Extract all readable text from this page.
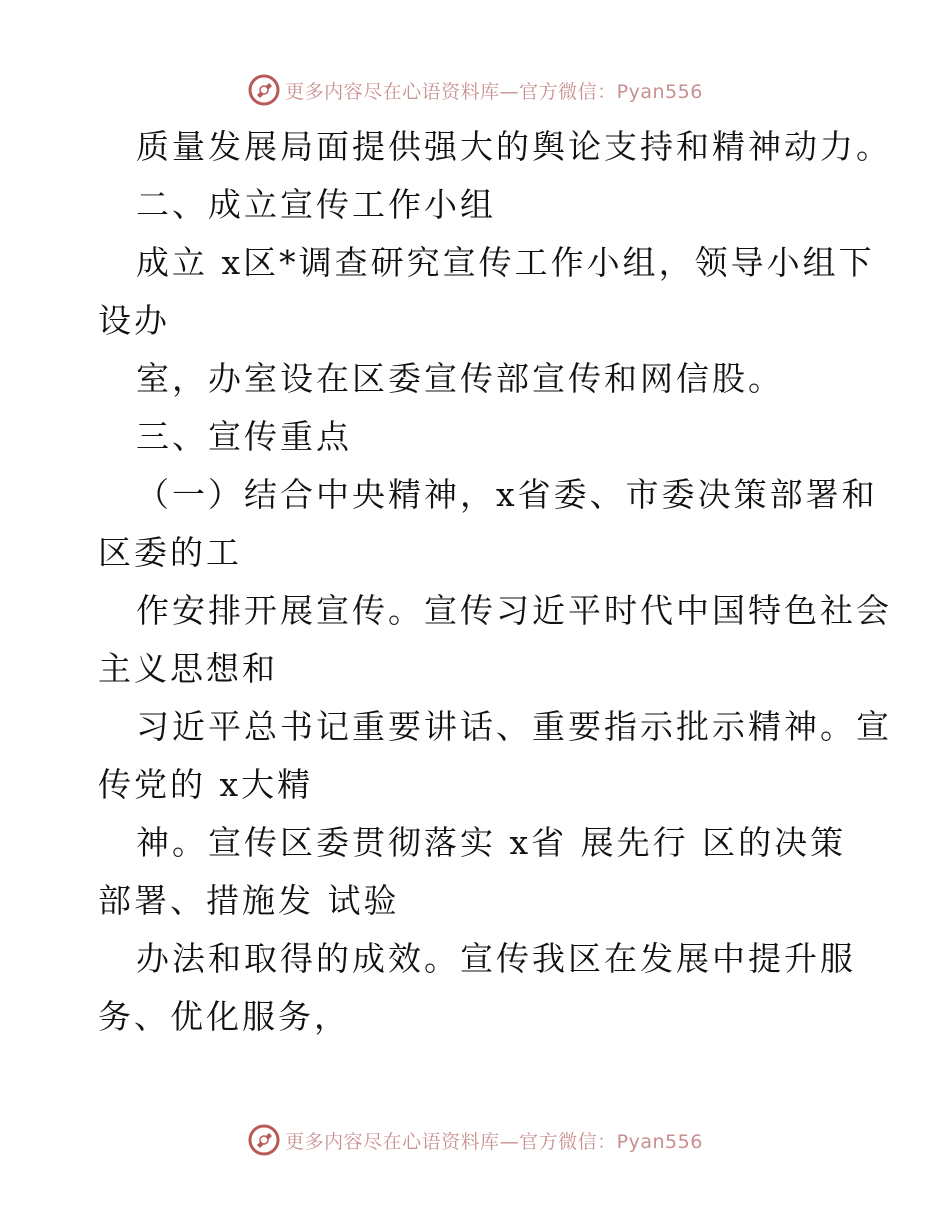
更多内容尽在心语资料库—官方微信：Pyan556
质量发展局面提供强大的舆论支持和精神动力。
二、成立宣传工作小组
成立 x区*调查研究宣传工作小组，领导小组下
设办
室，办室设在区委宣传部宣传和网信股。
三、宣传重点
（一）结合中央精神，x省委、市委决策部署和
区委的工
作安排开展宣传。宣传习近平时代中国特色社会
主义思想和
习近平总书记重要讲话、重要指示批示精神。宣
传党的 x大精
神。宣传区委贯彻落实 x省 展先行 区的决策
部署、措施发 试验
办法和取得的成效。宣传我区在发展中提升服
务、优化服务，
更多内容尽在心语资料库—官方微信：Pyan556
